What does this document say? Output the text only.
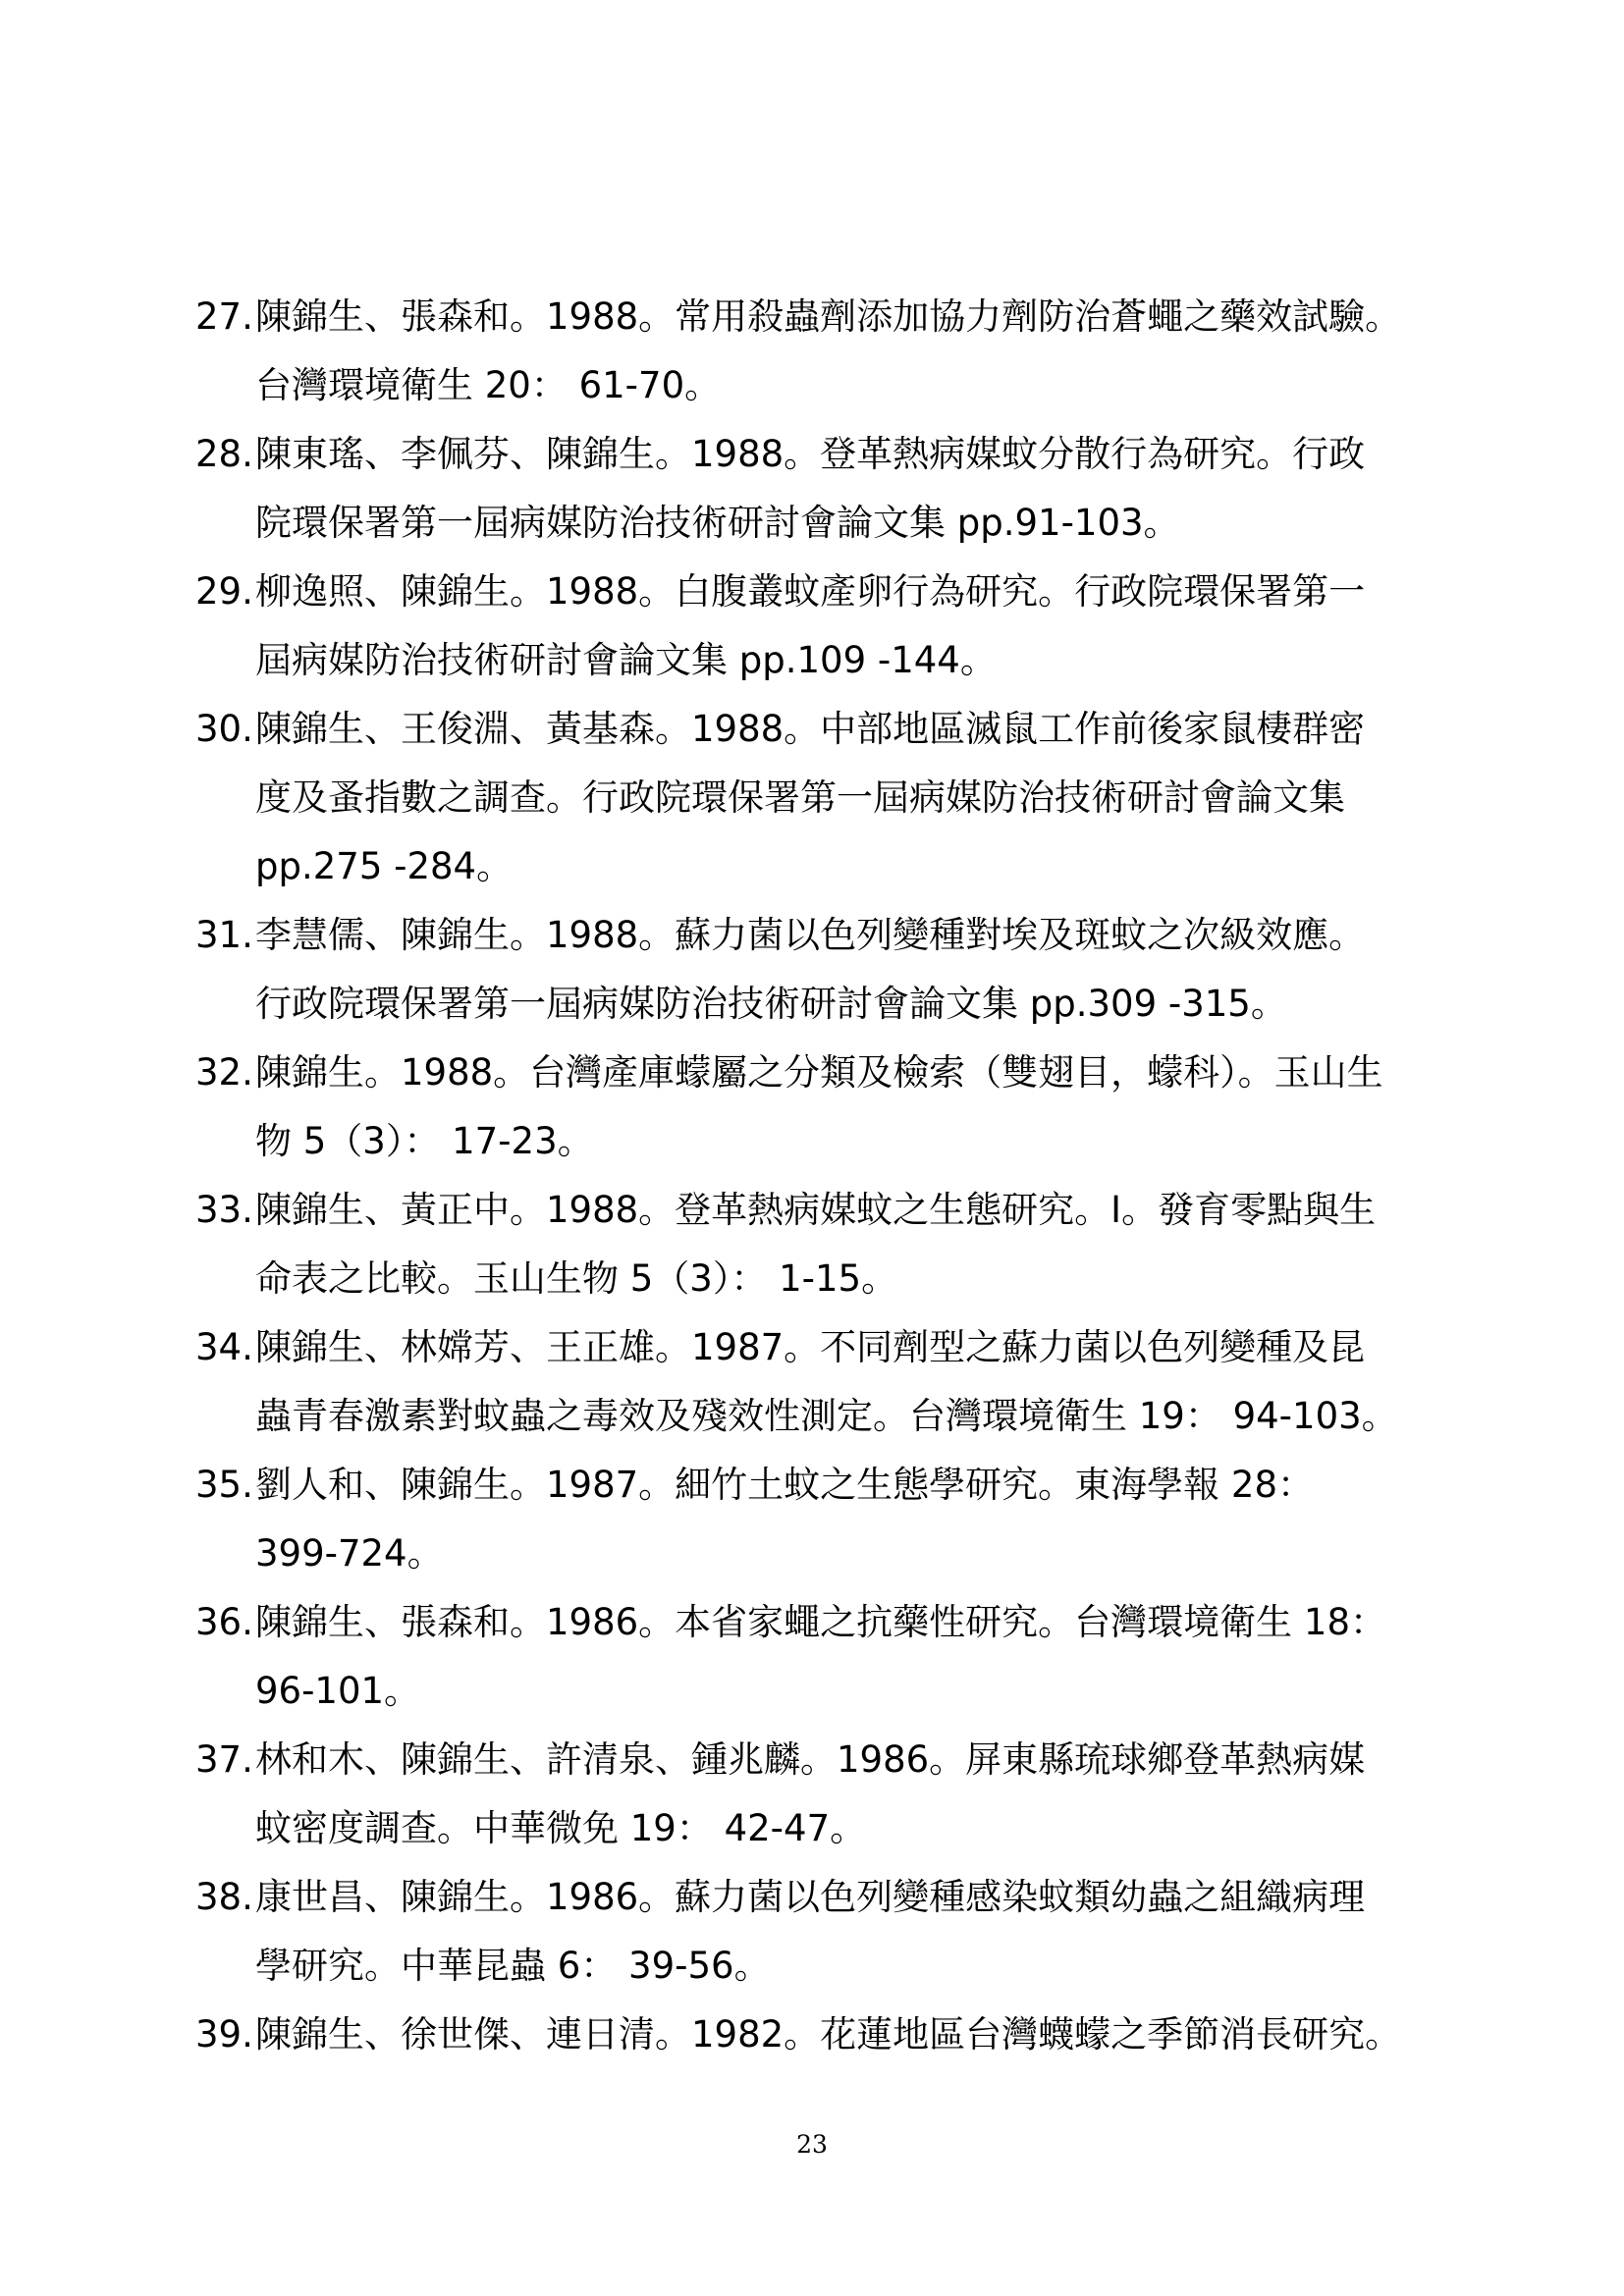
27. 陳錦生、張森和。1988。常用殺蟲劑添加協力劑防治蒼蠅之藥效試驗。
台灣環境衛生 20： 61-70。
28. 陳東瑤、李佩芬、陳錦生。1988。登革熱病媒蚊分散行為研究。行政
院環保署第一屆病媒防治技術研討會論文集 pp.91-103。
29. 柳逸照、陳錦生。1988。白腹叢蚊產卵行為研究。行政院環保署第一
屆病媒防治技術研討會論文集 pp.109 -144。
30. 陳錦生、王俊淵、黃基森。1988。中部地區滅鼠工作前後家鼠棲群密
度及蚤指數之調查。行政院環保署第一屆病媒防治技術研討會論文集
pp.275 -284。
31. 李慧儒、陳錦生。1988。蘇力菌以色列變種對埃及斑蚊之次級效應。
行政院環保署第一屆病媒防治技術研討會論文集 pp.309 -315。
32. 陳錦生。1988。台灣產庫蠓屬之分類及檢索（雙翅目，蠓科）。玉山生
物 5（3）： 17-23。
33. 陳錦生、黃正中。1988。登革熱病媒蚊之生態研究。I。發育零點與生
命表之比較。玉山生物 5（3）： 1-15。
34. 陳錦生、林嫦芳、王正雄。1987。不同劑型之蘇力菌以色列變種及昆
蟲青春激素對蚊蟲之毒效及殘效性測定。台灣環境衛生 19： 94-103。
35. 劉人和、陳錦生。1987。細竹土蚊之生態學研究。東海學報 28：
399-724。
36. 陳錦生、張森和。1986。本省家蠅之抗藥性研究。台灣環境衛生 18：
96-101。
37. 林和木、陳錦生、許清泉、鍾兆麟。1986。屏東縣琉球鄉登革熱病媒
蚊密度調查。中華微免 19： 42-47。
38. 康世昌、陳錦生。1986。蘇力菌以色列變種感染蚊類幼蟲之組織病理
學研究。中華昆蟲 6： 39-56。
39. 陳錦生、徐世傑、連日清。1982。花蓮地區台灣蠛蠓之季節消長研究。
23
